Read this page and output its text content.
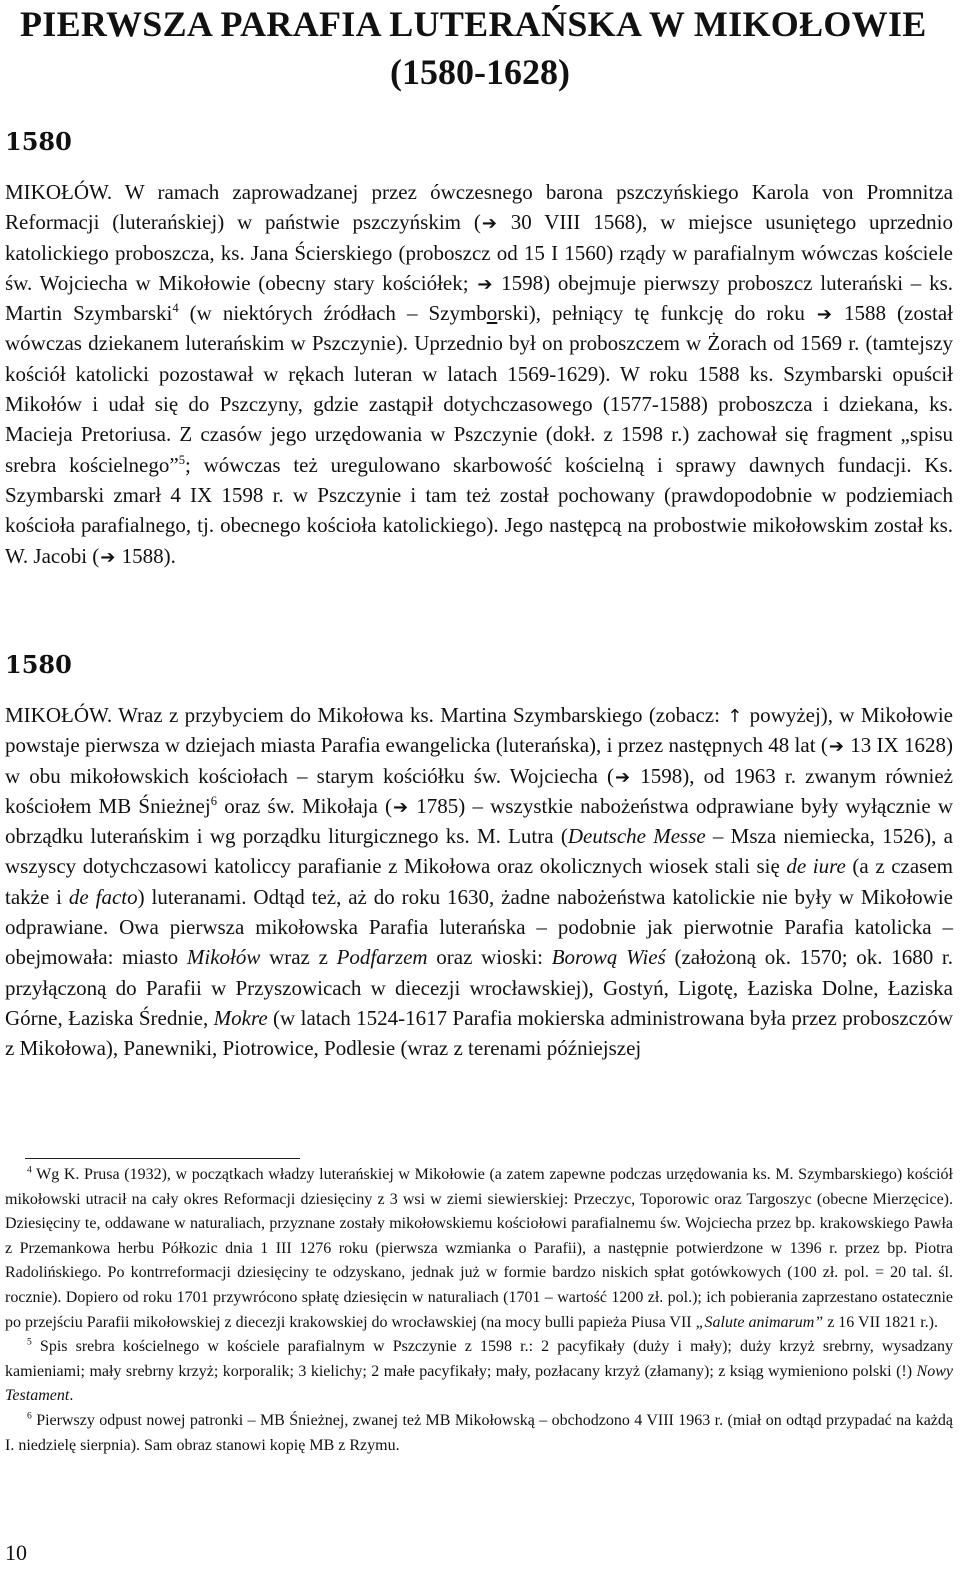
PIERWSZA PARAFIA LUTERAŃSKA W MIKOŁOWIE
(1580-1628)
1580
MIKOŁÓW. W ramach zaprowadzanej przez ówczesnego barona pszczyńskiego Karola von Promnitza Reformacji (luterańskiej) w państwie pszczyńskim (➔ 30 VIII 1568), w miejsce usuniętego uprzednio katolickiego proboszcza, ks. Jana Ścierskiego (proboszcz od 15 I 1560) rządy w parafialnym wówczas kościele św. Wojciecha w Mikołowie (obecny stary kościółek; ➔ 1598) obejmuje pierwszy proboszcz luterański – ks. Martin Szymbarski$^4$ (w niektórych źródłach – Szymborski), pełniący tę funkcję do roku ➔ 1588 (został wówczas dziekanem luterańskim w Pszczynie). Uprzednio był on proboszczem w Żorach od 1569 r. (tamtejszy kościół katolicki pozostawał w rękach luteran w latach 1569-1629). W roku 1588 ks. Szymbarski opuścił Mikołów i udał się do Pszczyny, gdzie zastąpił dotychczasowego (1577-1588) proboszcza i dziekana, ks. Macieja Pretoriusa. Z czasów jego urzędowania w Pszczynie (dokł. z 1598 r.) zachował się fragment „spisu srebra kościelnego”$^5$; wówczas też uregulowano skarbowość kościelną i sprawy dawnych fundacji. Ks. Szymbarski zmarł 4 IX 1598 r. w Pszczynie i tam też został pochowany (prawdopodobnie w podziemiach kościoła parafialnego, tj. obecnego kościoła katolickiego). Jego następcą na probostwie mikołowskim został ks. W. Jacobi (➔ 1588).
1580
MIKOŁÓW. Wraz z przybyciem do Mikołowa ks. Martina Szymbarskiego (zobacz: ↑ powyżej), w Mikołowie powstaje pierwsza w dziejach miasta Parafia ewangelicka (luterańska), i przez następnych 48 lat (➔ 13 IX 1628) w obu mikołowskich kościołach – starym kościółku św. Wojciecha (➔ 1598), od 1963 r. zwanym również kościołem MB Śnieżnej$^6$ oraz św. Mikołaja (➔ 1785) – wszystkie nabożeństwa odprawiane były wyłącznie w obrządku luterańskim i wg porządku liturgicznego ks. M. Lutra (Deutsche Messe – Msza niemiecka, 1526), a wszyscy dotychczasowi katoliccy parafianie z Mikołowa oraz okolicznych wiosek stali się de iure (a z czasem także i de facto) luteranami. Odtąd też, aż do roku 1630, żadne nabożeństwa katolickie nie były w Mikołowie odprawiane. Owa pierwsza mikołowska Parafia luterańska – podobnie jak pierwotnie Parafia katolicka – obejmowała: miasto Mikołów wraz z Podfarzem oraz wioski: Borową Wieś (założoną ok. 1570; ok. 1680 r. przyłączoną do Parafii w Przyszowicach w diecezji wrocławskiej), Gostyń, Ligotę, Łaziska Dolne, Łaziska Górne, Łaziska Średnie, Mokre (w latach 1524-1617 Parafia mokierska administrowana była przez proboszczów z Mikołowa), Panewniki, Piotrowice, Podlesie (wraz z terenami późniejszej

$^4$ Wg K. Prusa (1932), w początkach władzy luterańskiej w Mikołowie (a zatem zapewne podczas urzędowania ks. M. Szymbarskiego) kościół mikołowski utracił na cały okres Reformacji dziesięciny z 3 wsi w ziemi siewierskiej: Przeczyc, Toporowic oraz Targoszyc (obecne Mierzęcice). Dziesięciny te, oddawane w naturaliach, przyznane zostały mikołowskiemu kościołowi parafialnemu św. Wojciecha przez bp. krakowskiego Pawła z Przemankowa herbu Półkozic dnia 1 III 1276 roku (pierwsza wzmianka o Parafii), a następnie potwierdzone w 1396 r. przez bp. Piotra Radolińskiego. Po kontrreformacji dziesięciny te odzyskano, jednak już w formie bardzo niskich spłat gotówkowych (100 zł. pol. = 20 tal. śl. rocznie). Dopiero od roku 1701 przywrócono spłatę dziesięcin w naturaliach (1701 – wartość 1200 zł. pol.); ich pobierania zaprzestano ostatecznie po przejściu Parafii mikołowskiej z diecezji krakowskiej do wrocławskiej (na mocy bulli papieża Piusa VII „Salute animarum” z 16 VII 1821 r.).

$^5$ Spis srebra kościelnego w kościele parafialnym w Pszczynie z 1598 r.: 2 pacyfikały (duży i mały); duży krzyż srebrny, wysadzany kamieniami; mały srebrny krzyż; korporalik; 3 kielichy; 2 małe pacyfikały; mały, pozłacany krzyż (złamany); z ksiąg wymieniono polski (!) Nowy Testament.

$^6$ Pierwszy odpust nowej patronki – MB Śnieżnej, zwanej też MB Mikołowską – obchodzono 4 VIII 1963 r. (miał on odtąd przypadać na każdą I. niedzielę sierpnia). Sam obraz stanowi kopię MB z Rzymu.

10
